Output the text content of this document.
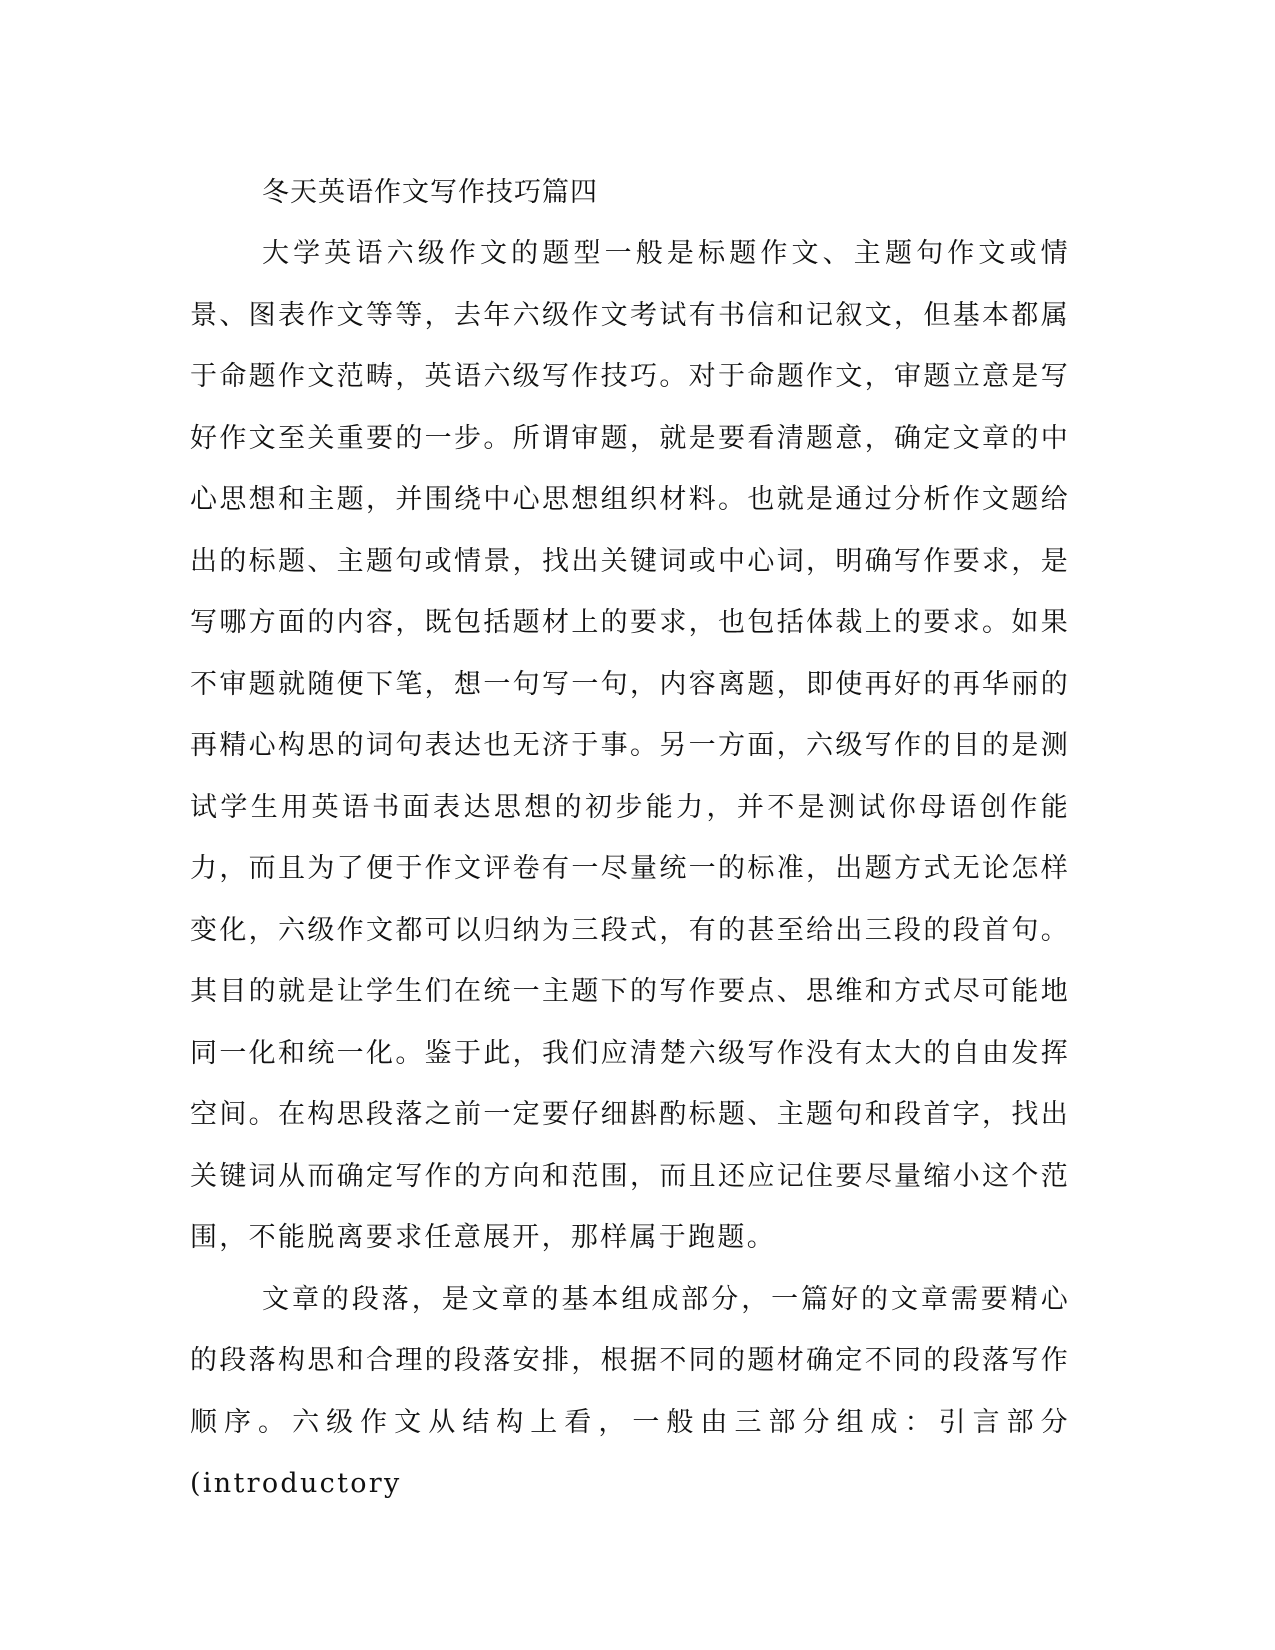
冬天英语作文写作技巧篇四

大学英语六级作文的题型一般是标题作文、主题句作文或情景、图表作文等等，去年六级作文考试有书信和记叙文，但基本都属于命题作文范畴，英语六级写作技巧。对于命题作文，审题立意是写好作文至关重要的一步。所谓审题，就是要看清题意，确定文章的中心思想和主题，并围绕中心思想组织材料。也就是通过分析作文题给出的标题、主题句或情景，找出关键词或中心词，明确写作要求，是写哪方面的内容，既包括题材上的要求，也包括体裁上的要求。如果不审题就随便下笔，想一句写一句，内容离题，即使再好的再华丽的再精心构思的词句表达也无济于事。另一方面，六级写作的目的是测试学生用英语书面表达思想的初步能力，并不是测试你母语创作能力，而且为了便于作文评卷有一尽量统一的标准，出题方式无论怎样变化，六级作文都可以归纳为三段式，有的甚至给出三段的段首句。其目的就是让学生们在统一主题下的写作要点、思维和方式尽可能地同一化和统一化。鉴于此，我们应清楚六级写作没有太大的自由发挥空间。在构思段落之前一定要仔细斟酌标题、主题句和段首字，找出关键词从而确定写作的方向和范围，而且还应记住要尽量缩小这个范围，不能脱离要求任意展开，那样属于跑题。

文章的段落，是文章的基本组成部分，一篇好的文章需要精心的段落构思和合理的段落安排，根据不同的题材确定不同的段落写作顺序。六级作文从结构上看，一般由三部分组成：引言部分(introductory
